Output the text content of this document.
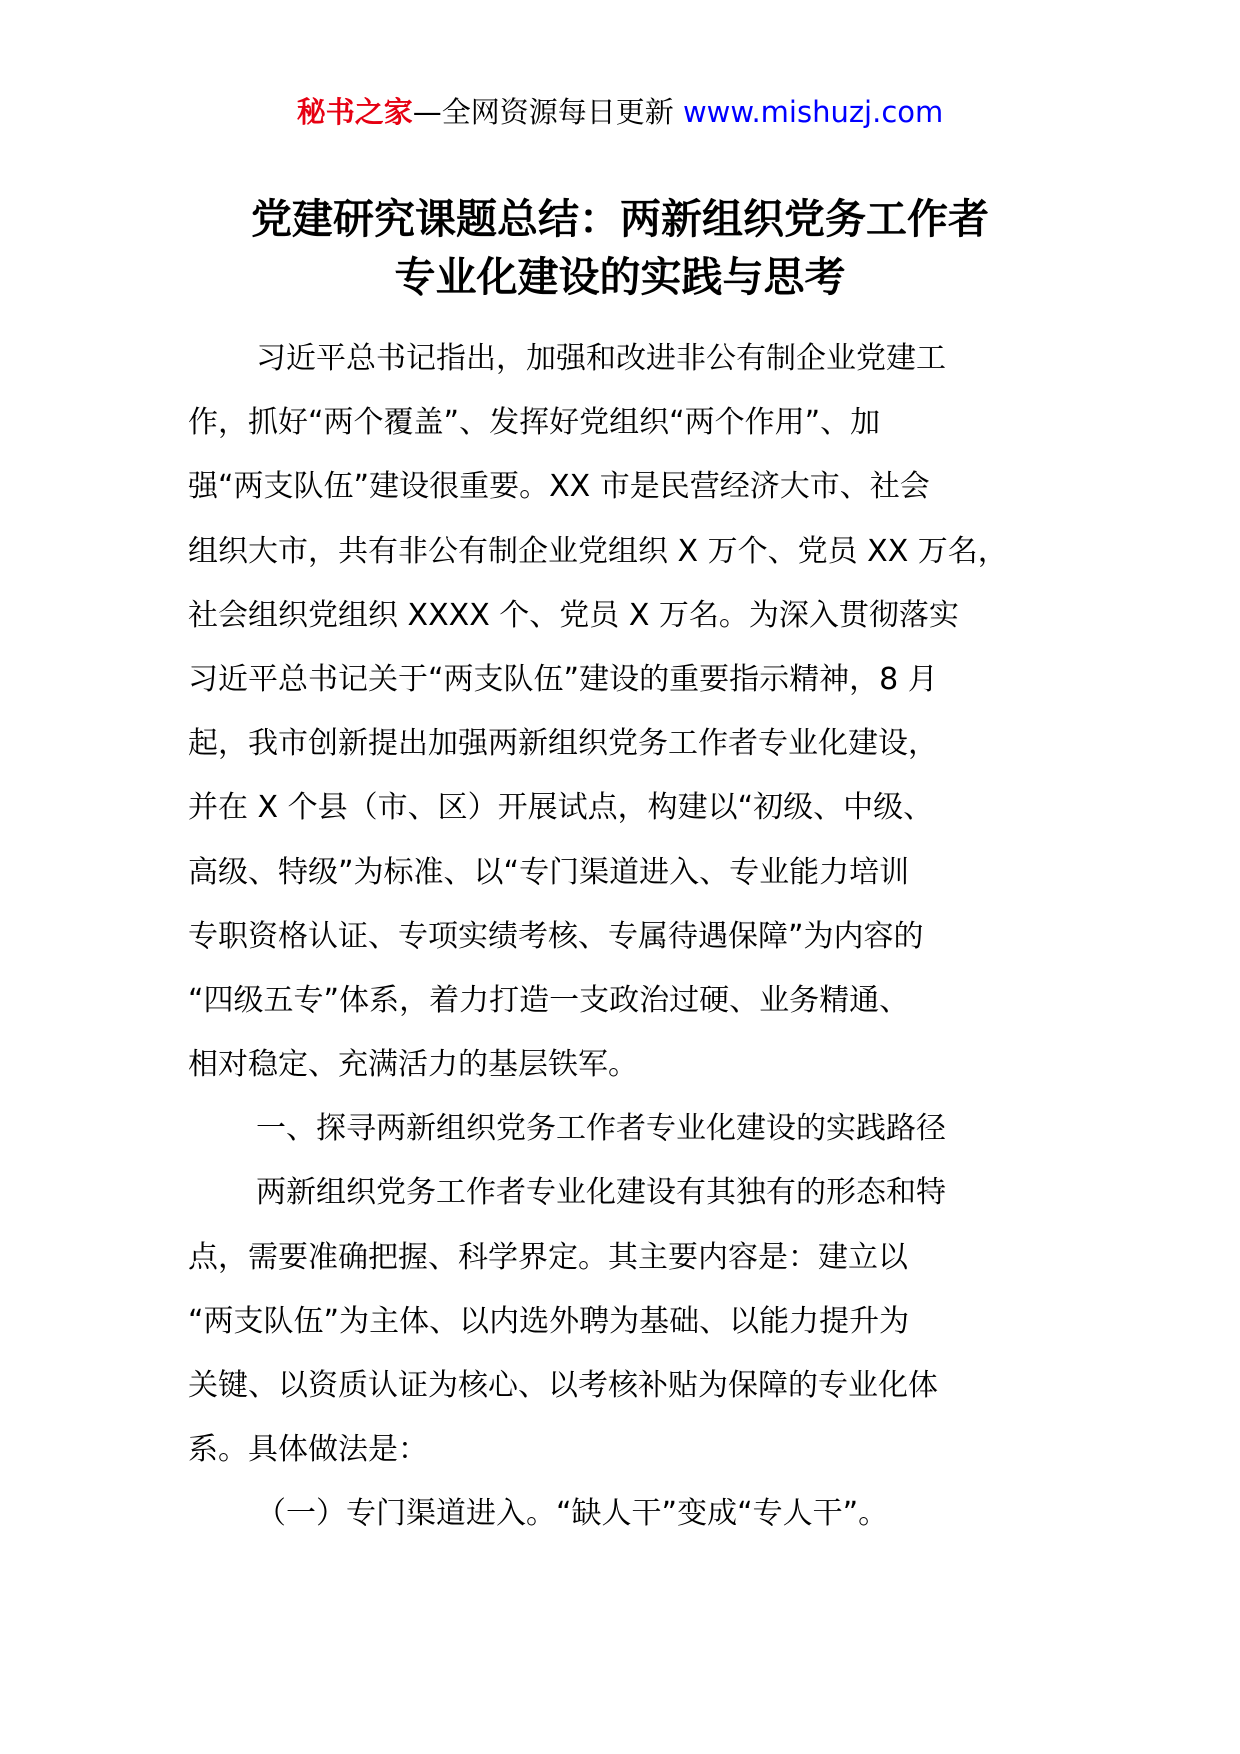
秘书之家—全网资源每日更新 www.mishuzj.com
党建研究课题总结：两新组织党务工作者
专业化建设的实践与思考
习近平总书记指出，加强和改进非公有制企业党建工
作，抓好“两个覆盖”、发挥好党组织“两个作用”、加
强“两支队伍”建设很重要。XX 市是民营经济大市、社会
组织大市，共有非公有制企业党组织 X 万个、党员 XX 万名，
社会组织党组织 XXXX 个、党员 X 万名。为深入贯彻落实
习近平总书记关于“两支队伍”建设的重要指示精神，8 月
起，我市创新提出加强两新组织党务工作者专业化建设，
并在 X 个县（市、区）开展试点，构建以“初级、中级、
高级、特级”为标准、以“专门渠道进入、专业能力培训
专职资格认证、专项实绩考核、专属待遇保障”为内容的
“四级五专”体系，着力打造一支政治过硬、业务精通、
相对稳定、充满活力的基层铁军。
一、探寻两新组织党务工作者专业化建设的实践路径
两新组织党务工作者专业化建设有其独有的形态和特
点，需要准确把握、科学界定。其主要内容是：建立以
“两支队伍”为主体、以内选外聘为基础、以能力提升为
关键、以资质认证为核心、以考核补贴为保障的专业化体
系。具体做法是：
（一）专门渠道进入。“缺人干”变成“专人干”。
